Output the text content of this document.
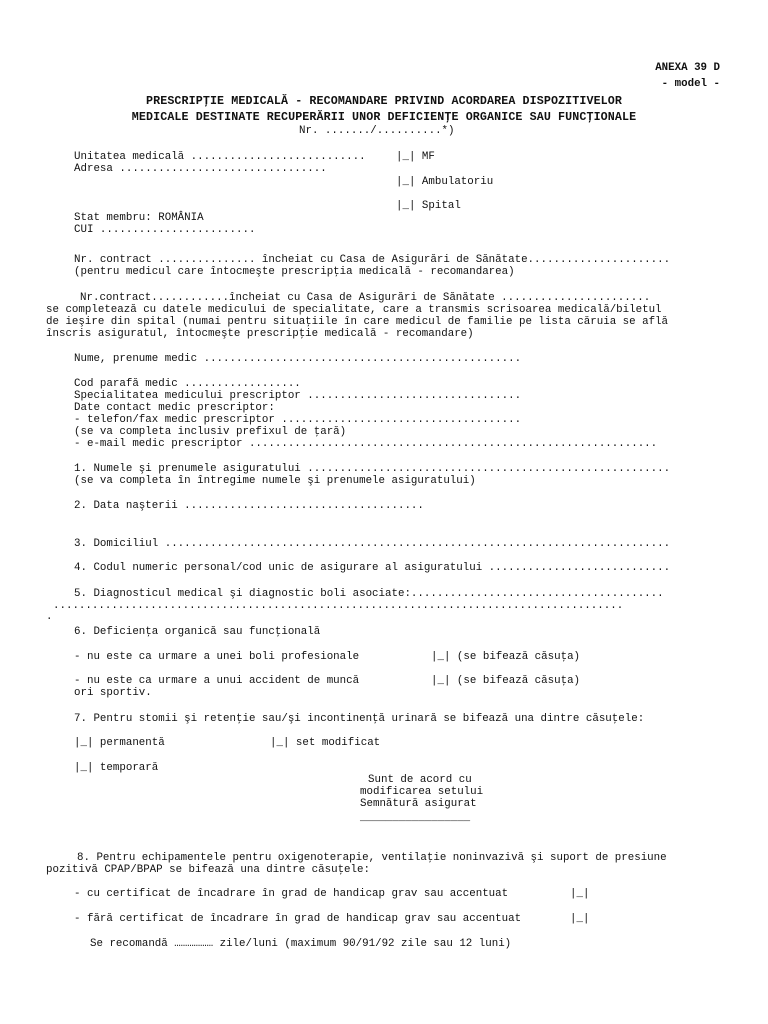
ANEXA 39 D
- model -
PRESCRIPŢIE MEDICALĂ - RECOMANDARE PRIVIND ACORDAREA DISPOZITIVELOR
MEDICALE DESTINATE RECUPERĂRII UNOR DEFICIENŢE ORGANICE SAU FUNCŢIONALE
Nr. ......./..........*)
Unitatea medicală ...........................	|_| MF
Adresa ................................
|_| Ambulatoriu
|_| Spital
Stat membru: ROMÂNIA
CUI ........................
Nr. contract ............... încheiat cu Casa de Asigurări de Sănătate......................
(pentru medicul care întocmeşte prescripţia medicală - recomandarea)
Nr.contract............încheiat cu Casa de Asigurări de Sănătate .......................
se completează cu datele medicului de specialitate, care a transmis scrisoarea medicală/biletul
de ieşire din spital (numai pentru situaţiile în care medicul de familie pe lista căruia se află
înscris asiguratul, întocmeşte prescripţie medicală - recomandare)
Nume, prenume medic .................................................
Cod parafă medic ..................
Specialitatea medicului prescriptor .................................
Date contact medic prescriptor:
- telefon/fax medic prescriptor .....................................
(se va completa inclusiv prefixul de ţară)
- e-mail medic prescriptor ...............................................................
1. Numele şi prenumele asiguratului ........................................................
(se va completa în întregime numele şi prenumele asiguratului)
2. Data naşterii .....................................
3. Domiciliul ..............................................................................
4. Codul numeric personal/cod unic de asigurare al asiguratului ............................
5. Diagnosticul medical şi diagnostic boli asociate:.......................................
........................................................................................
.
6. Deficienţa organică sau funcţională
- nu este ca urmare a unei boli profesionale	|_| (se bifează căsuţa)
- nu este ca urmare a unui accident de muncă	|_| (se bifează căsuţa)
ori sportiv.
7. Pentru stomii şi retenţie sau/şi incontinenţă urinară se bifează una dintre căsuţele:
|_| permanentă	|_| set modificat
|_| temporară
Sunt de acord cu
modificarea setului
Semnătură asigurat
_________________
8. Pentru echipamentele pentru oxigenoterapie, ventilaţie noninvazivă şi suport de presiune
pozitivă CPAP/BPAP se bifează una dintre căsuţele:
- cu certificat de încadrare în grad de handicap grav sau accentuat	|_|
- fără certificat de încadrare în grad de handicap grav sau accentuat	|_|
Se recomandă ……………… zile/luni (maximum 90/91/92 zile sau 12 luni)
